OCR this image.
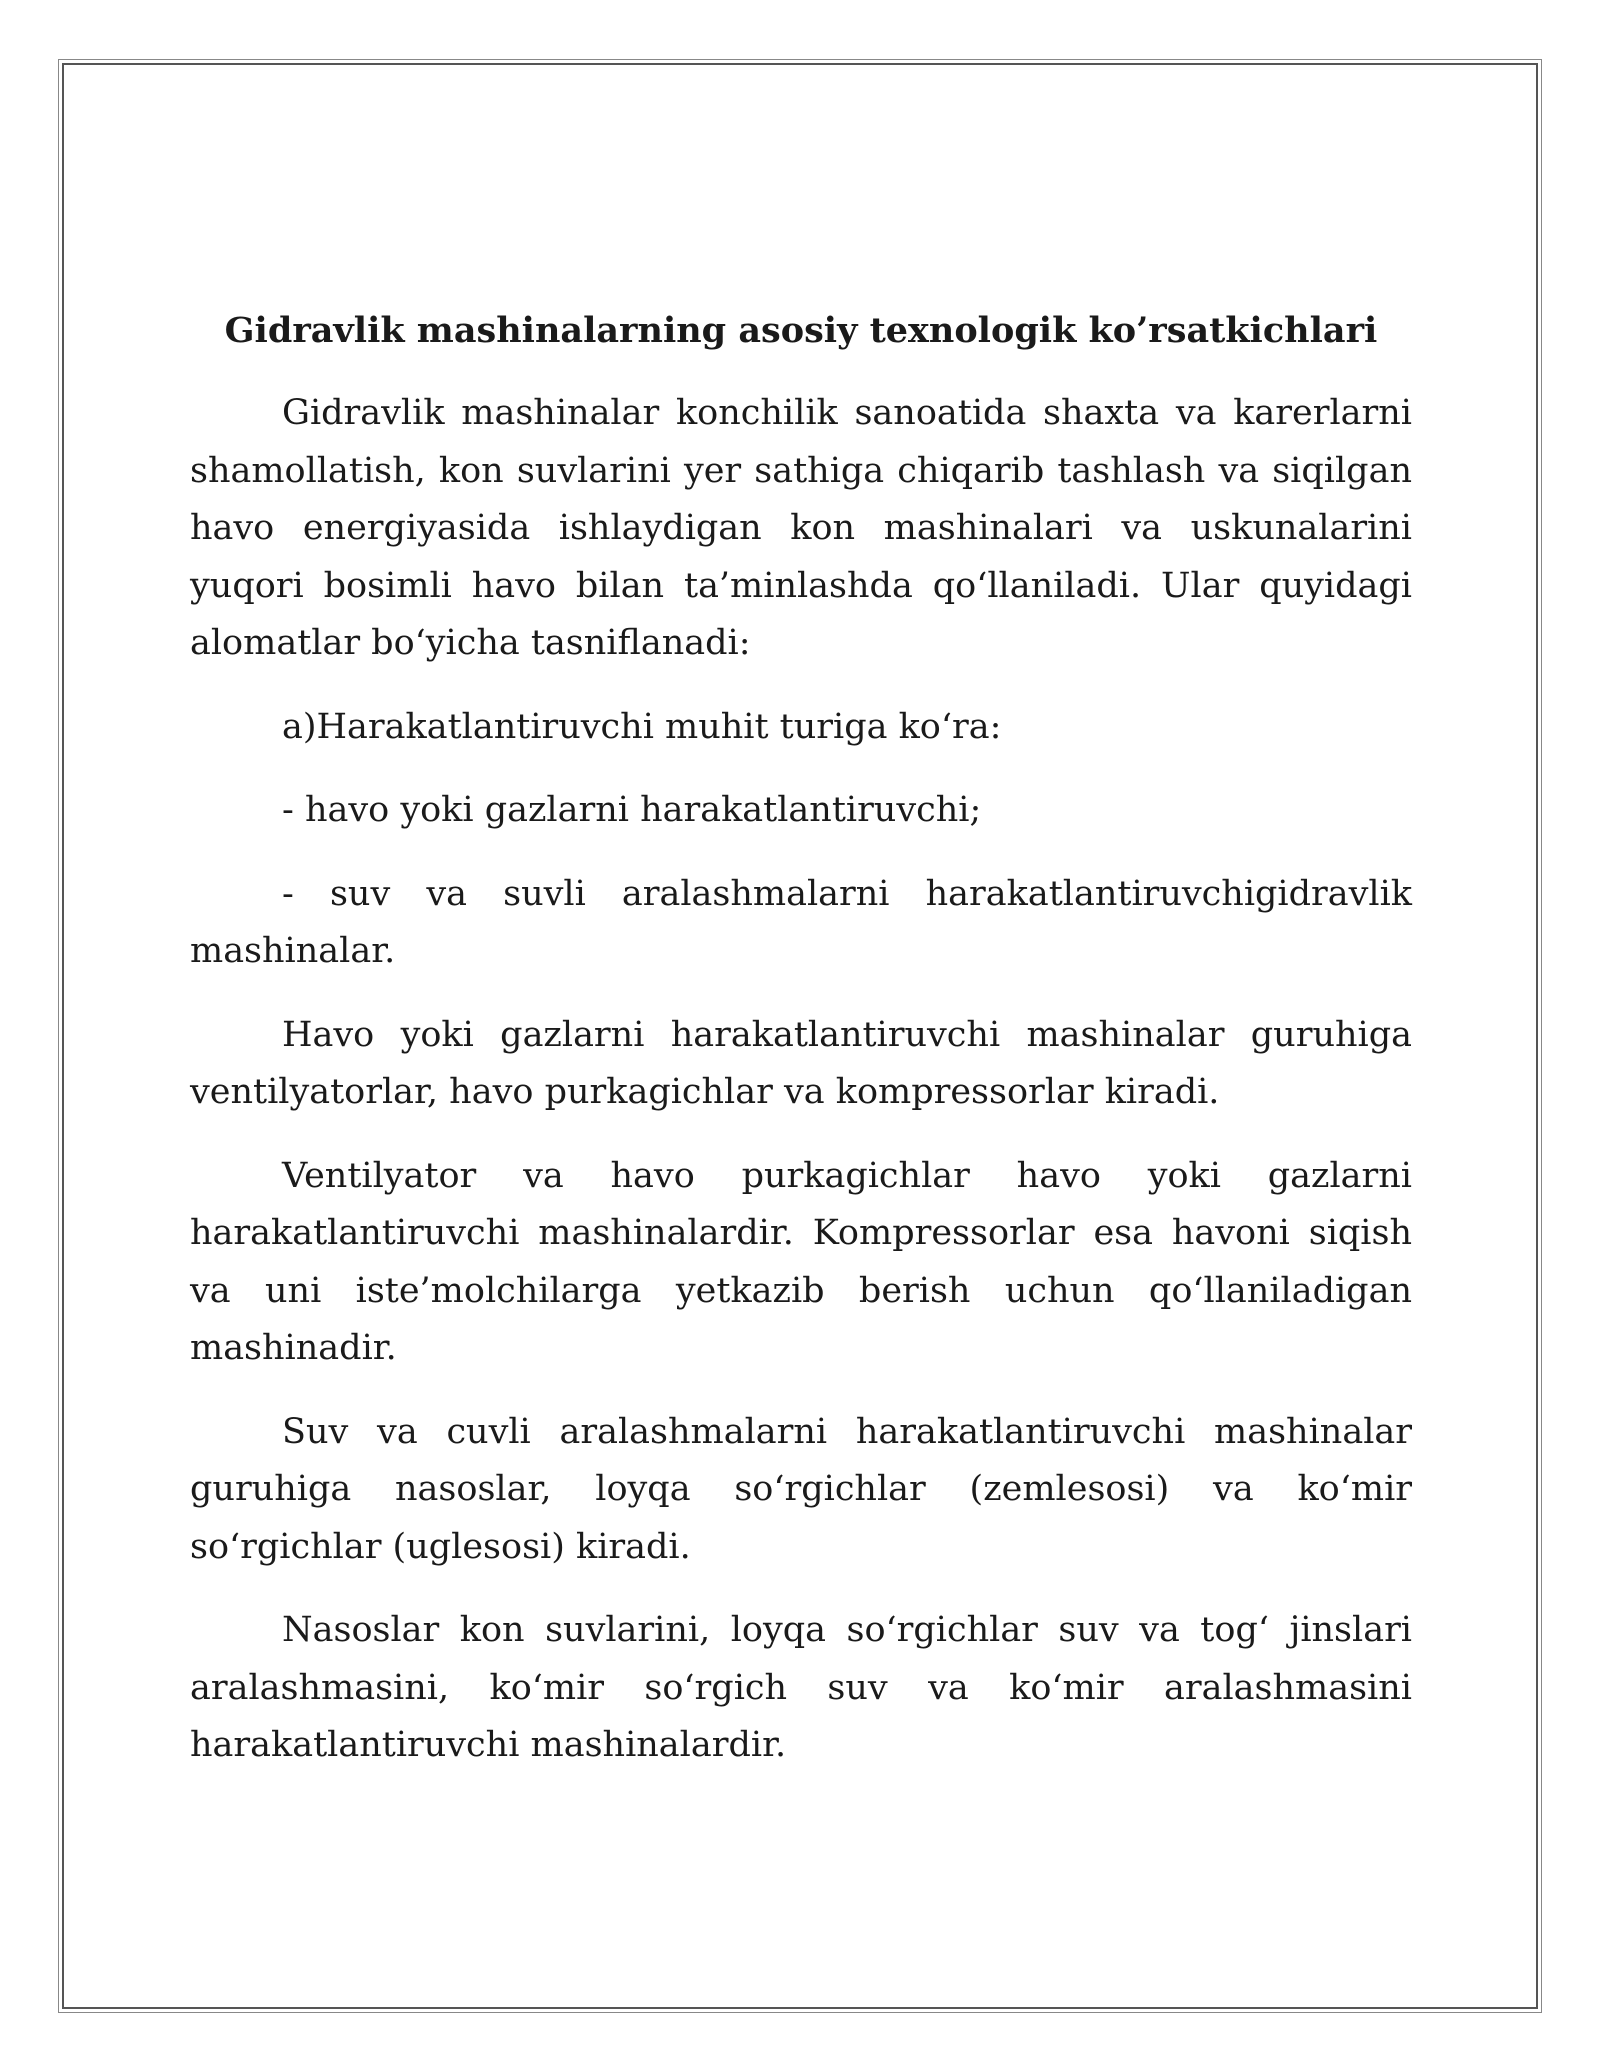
Gidravlik mashinalarning asosiy texnologik ko’rsatkichlari

Gidravlik mashinalar konchilik sanoatida shaxta va karerlarni shamollatish, kon suvlarini yer sathiga chiqarib tashlash va siqilgan havo energiyasida ishlaydigan kon mashinalari va uskunalarini yuqori bosimli havo bilan ta’minlashda qo‘llaniladi. Ular quyidagi alomatlar bo‘yicha tasniflanadi:

a)Harakatlantiruvchi muhit turiga ko‘ra:

- havo yoki gazlarni harakatlantiruvchi;

- suv va suvli aralashmalarni harakatlantiruvchigidravlik mashinalar.

Havo yoki gazlarni harakatlantiruvchi mashinalar guruhiga ventilyatorlar, havo purkagichlar va kompressorlar kiradi.

Ventilyator va havo purkagichlar havo yoki gazlarni harakatlantiruvchi mashinalardir. Kompressorlar esa havoni siqish va uni iste’molchilarga yetkazib berish uchun qo‘llaniladigan mashinadir.

Suv va cuvli aralashmalarni harakatlantiruvchi mashinalar guruhiga nasoslar, loyqa so‘rgichlar (zemlesosi) va ko‘mir so‘rgichlar (uglesosi) kiradi.

Nasoslar kon suvlarini, loyqa so‘rgichlar suv va tog‘ jinslari aralashmasini, ko‘mir so‘rgich suv va ko‘mir aralashmasini harakatlantiruvchi mashinalardir.
